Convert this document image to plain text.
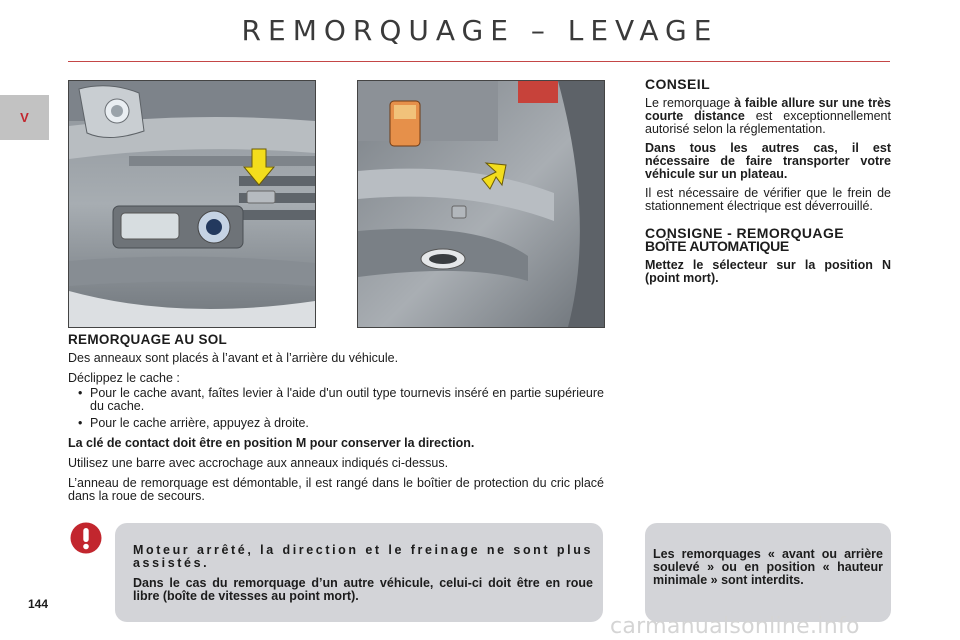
REMORQUAGE – LEVAGE
V
REMORQUAGE AU SOL

Des anneaux sont placés à l’avant et à l’arrière du véhicule.

Déclippez le cache :

• Pour le cache avant, faîtes levier à l'aide d'un outil type tournevis inséré en partie supérieure du cache.
• Pour le cache arrière, appuyez à droite.

La clé de contact doit être en position M pour conserver la direction.

Utilisez une barre avec accrochage aux anneaux indiqués ci-dessus.

L’anneau de remorquage est démontable, il est rangé dans le boîtier de protection du cric placé dans la roue de secours.

CONSEIL

Le remorquage à faible allure sur une très courte distance est exceptionnellement autorisé selon la réglementation.

Dans tous les autres cas, il est nécessaire de faire transporter votre véhicule sur un plateau.

Il est nécessaire de vérifier que le frein de stationnement électrique est déverrouillé.

CONSIGNE - REMORQUAGE
BOÎTE AUTOMATIQUE

Mettez le sélecteur sur la position N (point mort).

Moteur arrêté, la direction et le freinage ne sont plus assistés.

Dans le cas du remorquage d’un autre véhicule, celui-ci doit être en roue libre (boîte de vitesses au point mort).

Les remorquages « avant ou arrière soulevé » ou en position « hauteur minimale » sont interdits.
144
carmanualsonline.info
